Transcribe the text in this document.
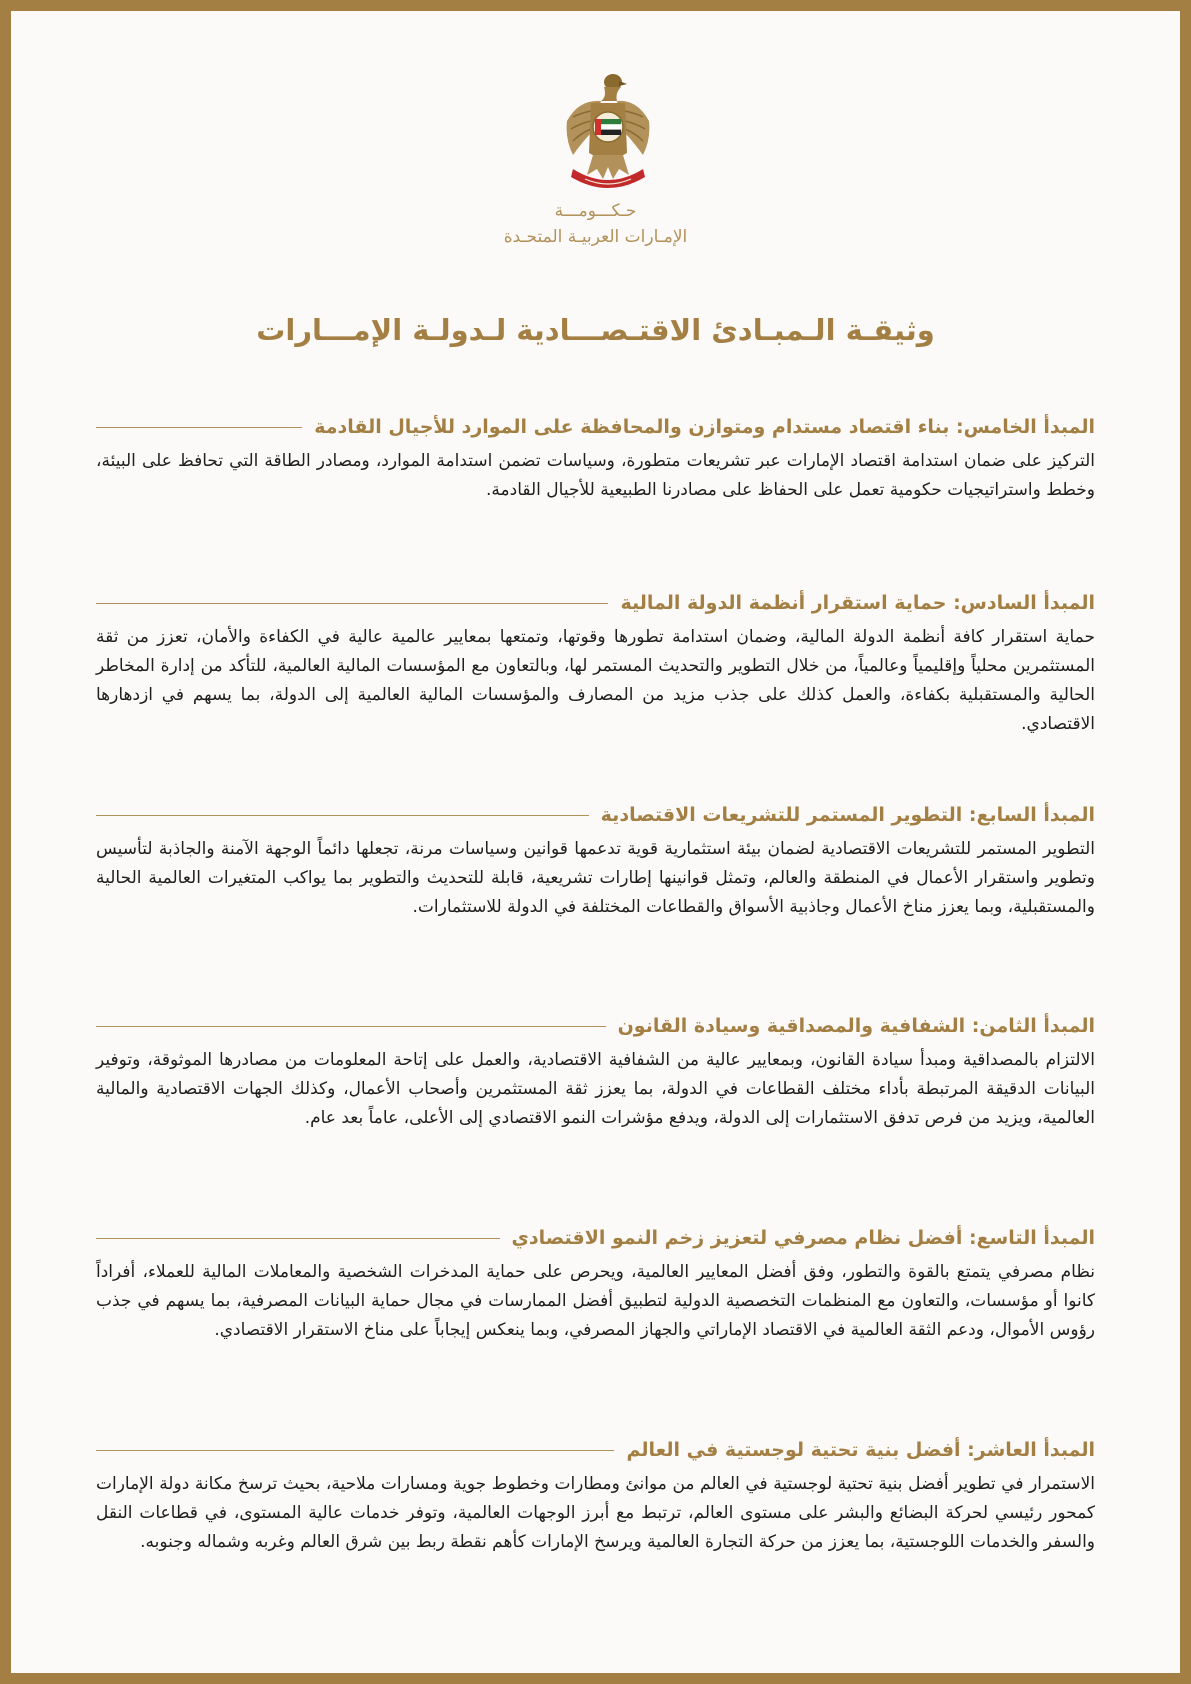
حـكـــومـــة
الإمـارات العربيـة المتحـدة
وثيقـة الـمبـادئ الاقتـصـــادية لـدولـة الإمـــارات
المبدأ الخامس: بناء اقتصاد مستدام ومتوازن والمحافظة على الموارد للأجيال القادمة

التركيز على ضمان استدامة اقتصاد الإمارات عبر تشريعات متطورة، وسياسات تضمن استدامة الموارد، ومصادر الطاقة التي تحافظ على البيئة، وخطط واستراتيجيات حكومية تعمل على الحفاظ على مصادرنا الطبيعية للأجيال القادمة.

المبدأ السادس: حماية استقرار أنظمة الدولة المالية

حماية استقرار كافة أنظمة الدولة المالية، وضمان استدامة تطورها وقوتها، وتمتعها بمعايير عالمية عالية في الكفاءة والأمان، تعزز من ثقة المستثمرين محلياً وإقليمياً وعالمياً، من خلال التطوير والتحديث المستمر لها، وبالتعاون مع المؤسسات المالية العالمية، للتأكد من إدارة المخاطر الحالية والمستقبلية بكفاءة، والعمل كذلك على جذب مزيد من المصارف والمؤسسات المالية العالمية إلى الدولة، بما يسهم في ازدهارها الاقتصادي.

المبدأ السابع: التطوير المستمر للتشريعات الاقتصادية

التطوير المستمر للتشريعات الاقتصادية لضمان بيئة استثمارية قوية تدعمها قوانين وسياسات مرنة، تجعلها دائماً الوجهة الآمنة والجاذبة لتأسيس وتطوير واستقرار الأعمال في المنطقة والعالم، وتمثل قوانينها إطارات تشريعية، قابلة للتحديث والتطوير بما يواكب المتغيرات العالمية الحالية والمستقبلية، وبما يعزز مناخ الأعمال وجاذبية الأسواق والقطاعات المختلفة في الدولة للاستثمارات.

المبدأ الثامن: الشفافية والمصداقية وسيادة القانون

الالتزام بالمصداقية ومبدأ سيادة القانون، وبمعايير عالية من الشفافية الاقتصادية، والعمل على إتاحة المعلومات من مصادرها الموثوقة، وتوفير البيانات الدقيقة المرتبطة بأداء مختلف القطاعات في الدولة، بما يعزز ثقة المستثمرين وأصحاب الأعمال، وكذلك الجهات الاقتصادية والمالية العالمية، ويزيد من فرص تدفق الاستثمارات إلى الدولة، ويدفع مؤشرات النمو الاقتصادي إلى الأعلى، عاماً بعد عام.

المبدأ التاسع: أفضل نظام مصرفي لتعزيز زخم النمو الاقتصادي

نظام مصرفي يتمتع بالقوة والتطور، وفق أفضل المعايير العالمية، ويحرص على حماية المدخرات الشخصية والمعاملات المالية للعملاء، أفراداً كانوا أو مؤسسات، والتعاون مع المنظمات التخصصية الدولية لتطبيق أفضل الممارسات في مجال حماية البيانات المصرفية، بما يسهم في جذب رؤوس الأموال، ودعم الثقة العالمية في الاقتصاد الإماراتي والجهاز المصرفي، وبما ينعكس إيجاباً على مناخ الاستقرار الاقتصادي.

المبدأ العاشر: أفضل بنية تحتية لوجستية في العالم

الاستمرار في تطوير أفضل بنية تحتية لوجستية في العالم من موانئ ومطارات وخطوط جوية ومسارات ملاحية، بحيث ترسخ مكانة دولة الإمارات كمحور رئيسي لحركة البضائع والبشر على مستوى العالم، ترتبط مع أبرز الوجهات العالمية، وتوفر خدمات عالية المستوى، في قطاعات النقل والسفر والخدمات اللوجستية، بما يعزز من حركة التجارة العالمية ويرسخ الإمارات كأهم نقطة ربط بين شرق العالم وغربه وشماله وجنوبه.
